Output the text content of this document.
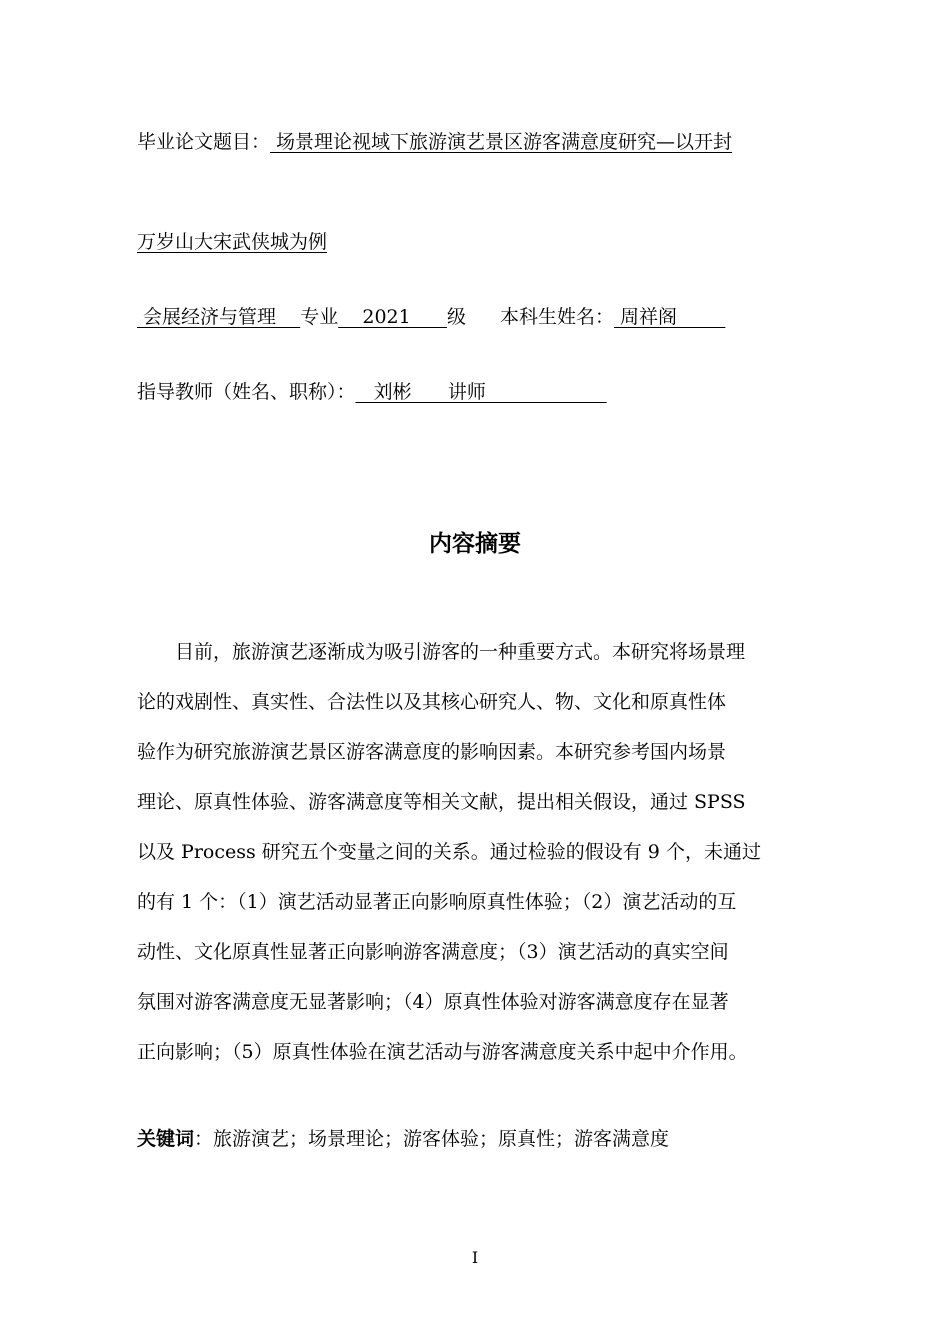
毕业论文题目： 场景理论视域下旅游演艺景区游客满意度研究—以开封
万岁山大宋武侠城为例
会展经济与管理    专业    2021      级 本科生姓名： 周祥阁
指导教师（姓名、职称）：   刘彬      讲师
内容摘要
目前，旅游演艺逐渐成为吸引游客的一种重要方式。本研究将场景理
论的戏剧性、真实性、合法性以及其核心研究人、物、文化和原真性体
验作为研究旅游演艺景区游客满意度的影响因素。本研究参考国内场景
理论、原真性体验、游客满意度等相关文献，提出相关假设，通过 SPSS
以及 Process 研究五个变量之间的关系。通过检验的假设有 9 个，未通过
的有 1 个：（1）演艺活动显著正向影响原真性体验；（2）演艺活动的互
动性、文化原真性显著正向影响游客满意度；（3）演艺活动的真实空间
氛围对游客满意度无显著影响；（4）原真性体验对游客满意度存在显著
正向影响；（5）原真性体验在演艺活动与游客满意度关系中起中介作用。
关键词：旅游演艺；场景理论；游客体验；原真性；游客满意度
I
